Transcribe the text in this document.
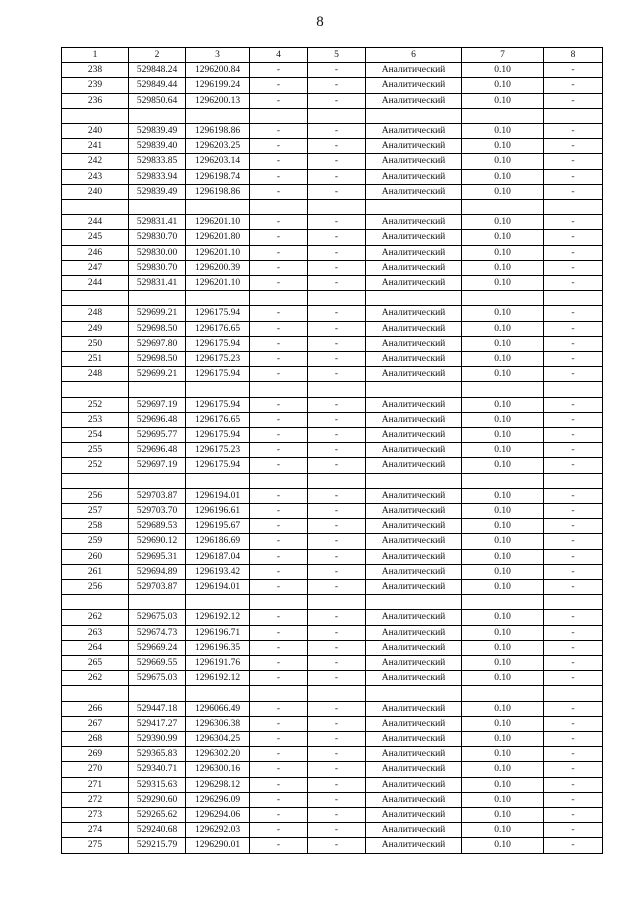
8
1	2	3	4	5	6	7	8
238	529848.24	1296200.84	-	-	Аналитический	0.10	-
239	529849.44	1296199.24	-	-	Аналитический	0.10	-
236	529850.64	1296200.13	-	-	Аналитический	0.10	-

240	529839.49	1296198.86	-	-	Аналитический	0.10	-
241	529839.40	1296203.25	-	-	Аналитический	0.10	-
242	529833.85	1296203.14	-	-	Аналитический	0.10	-
243	529833.94	1296198.74	-	-	Аналитический	0.10	-
240	529839.49	1296198.86	-	-	Аналитический	0.10	-

244	529831.41	1296201.10	-	-	Аналитический	0.10	-
245	529830.70	1296201.80	-	-	Аналитический	0.10	-
246	529830.00	1296201.10	-	-	Аналитический	0.10	-
247	529830.70	1296200.39	-	-	Аналитический	0.10	-
244	529831.41	1296201.10	-	-	Аналитический	0.10	-

248	529699.21	1296175.94	-	-	Аналитический	0.10	-
249	529698.50	1296176.65	-	-	Аналитический	0.10	-
250	529697.80	1296175.94	-	-	Аналитический	0.10	-
251	529698.50	1296175.23	-	-	Аналитический	0.10	-
248	529699.21	1296175.94	-	-	Аналитический	0.10	-

252	529697.19	1296175.94	-	-	Аналитический	0.10	-
253	529696.48	1296176.65	-	-	Аналитический	0.10	-
254	529695.77	1296175.94	-	-	Аналитический	0.10	-
255	529696.48	1296175.23	-	-	Аналитический	0.10	-
252	529697.19	1296175.94	-	-	Аналитический	0.10	-

256	529703.87	1296194.01	-	-	Аналитический	0.10	-
257	529703.70	1296196.61	-	-	Аналитический	0.10	-
258	529689.53	1296195.67	-	-	Аналитический	0.10	-
259	529690.12	1296186.69	-	-	Аналитический	0.10	-
260	529695.31	1296187.04	-	-	Аналитический	0.10	-
261	529694.89	1296193.42	-	-	Аналитический	0.10	-
256	529703.87	1296194.01	-	-	Аналитический	0.10	-

262	529675.03	1296192.12	-	-	Аналитический	0.10	-
263	529674.73	1296196.71	-	-	Аналитический	0.10	-
264	529669.24	1296196.35	-	-	Аналитический	0.10	-
265	529669.55	1296191.76	-	-	Аналитический	0.10	-
262	529675.03	1296192.12	-	-	Аналитический	0.10	-

266	529447.18	1296066.49	-	-	Аналитический	0.10	-
267	529417.27	1296306.38	-	-	Аналитический	0.10	-
268	529390.99	1296304.25	-	-	Аналитический	0.10	-
269	529365.83	1296302.20	-	-	Аналитический	0.10	-
270	529340.71	1296300.16	-	-	Аналитический	0.10	-
271	529315.63	1296298.12	-	-	Аналитический	0.10	-
272	529290.60	1296296.09	-	-	Аналитический	0.10	-
273	529265.62	1296294.06	-	-	Аналитический	0.10	-
274	529240.68	1296292.03	-	-	Аналитический	0.10	-
275	529215.79	1296290.01	-	-	Аналитический	0.10	-
